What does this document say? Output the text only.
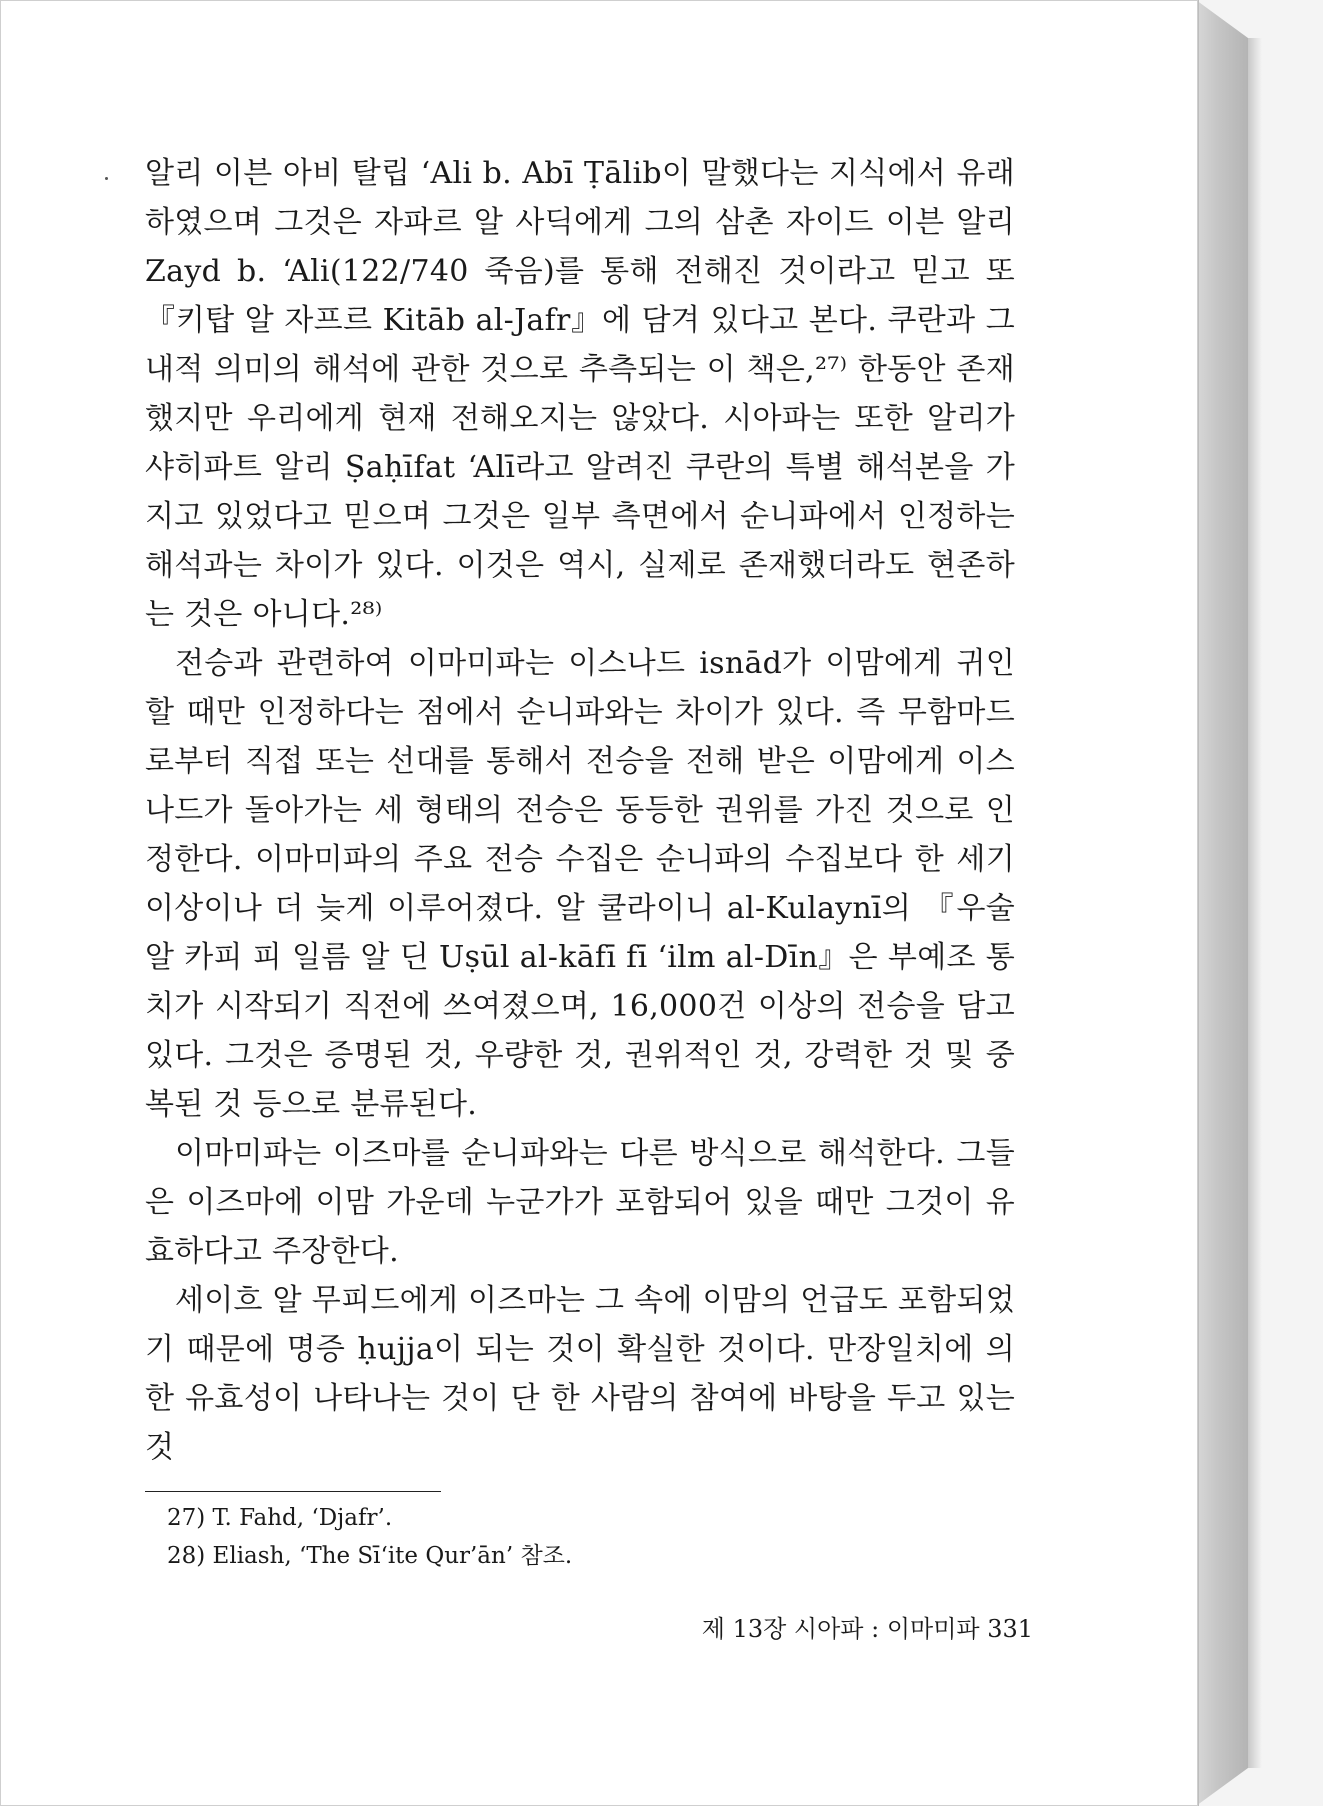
알리 이븐 아비 탈립 ‘Ali b. Abī Ṭālib이 말했다는 지식에서 유래하였으며 그것은 자파르 알 사딕에게 그의 삼촌 자이드 이븐 알리 Zayd b. ‘Ali(122/740 죽음)를 통해 전해진 것이라고 믿고 또 『키탑 알 자프르 Kitāb al-Jafr』에 담겨 있다고 본다. 쿠란과 그 내적 의미의 해석에 관한 것으로 추측되는 이 책은,²⁷⁾ 한동안 존재했지만 우리에게 현재 전해오지는 않았다. 시아파는 또한 알리가 샤히파트 알리 Ṣaḥīfat ‘Alī라고 알려진 쿠란의 특별 해석본을 가지고 있었다고 믿으며 그것은 일부 측면에서 순니파에서 인정하는 해석과는 차이가 있다. 이것은 역시, 실제로 존재했더라도 현존하는 것은 아니다.²⁸⁾

전승과 관련하여 이마미파는 이스나드 isnād가 이맘에게 귀인할 때만 인정하다는 점에서 순니파와는 차이가 있다. 즉 무함마드로부터 직접 또는 선대를 통해서 전승을 전해 받은 이맘에게 이스나드가 돌아가는 세 형태의 전승은 동등한 권위를 가진 것으로 인정한다. 이마미파의 주요 전승 수집은 순니파의 수집보다 한 세기 이상이나 더 늦게 이루어졌다. 알 쿨라이니 al-Kulaynī의 『우술 알 카피 피 일름 알 딘 Uṣūl al-kāfī fī ‘ilm al-Dīn』은 부예조 통치가 시작되기 직전에 쓰여졌으며, 16,000건 이상의 전승을 담고 있다. 그것은 증명된 것, 우량한 것, 권위적인 것, 강력한 것 및 중복된 것 등으로 분류된다.

이마미파는 이즈마를 순니파와는 다른 방식으로 해석한다. 그들은 이즈마에 이맘 가운데 누군가가 포함되어 있을 때만 그것이 유효하다고 주장한다.

세이흐 알 무피드에게 이즈마는 그 속에 이맘의 언급도 포함되었기 때문에 명증 ḥujja이 되는 것이 확실한 것이다. 만장일치에 의한 유효성이 나타나는 것이 단 한 사람의 참여에 바탕을 두고 있는 것

27) T. Fahd, ‘Djafr’.

28) Eliash, ‘The Sī‘ite Qur’ān’ 참조.

제 13장 시아파 : 이마미파 331
